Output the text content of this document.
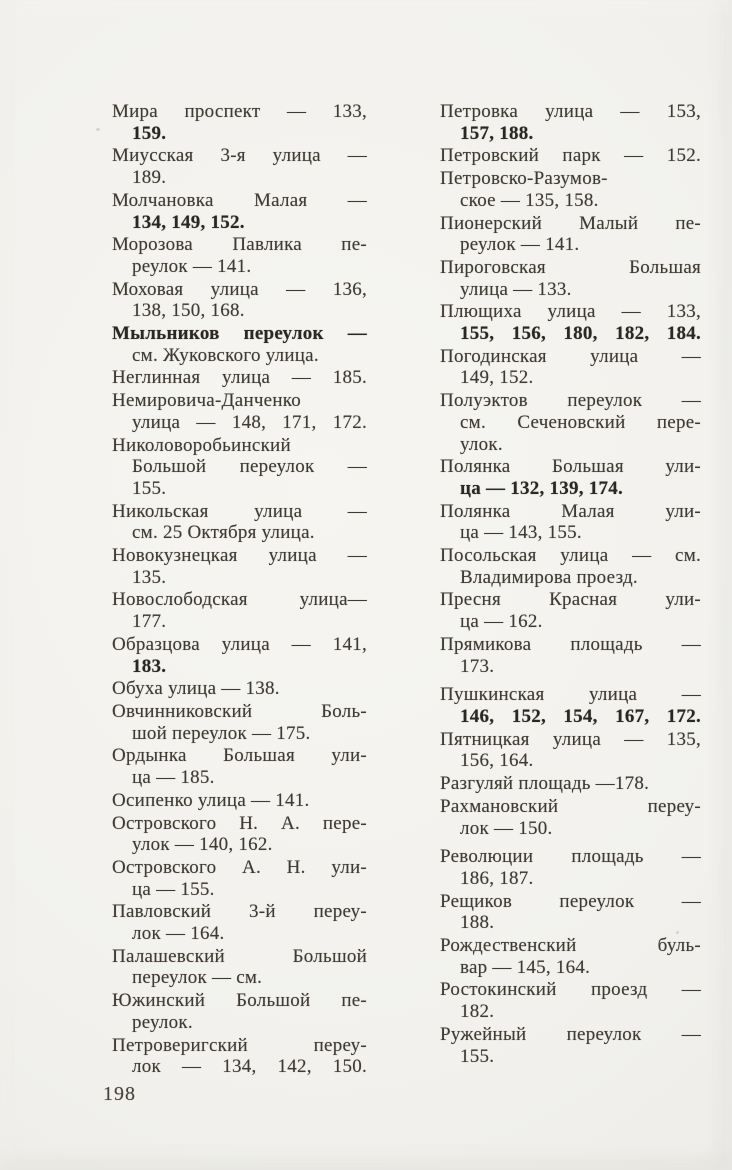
Мира проспект — 133,
159.
Миусская 3-я улица —
189.
Молчановка Малая —
134, 149, 152.
Морозова Павлика пе-
реулок — 141.
Моховая улица — 136,
138, 150, 168.
Мыльников переулок —
см. Жуковского улица.
Неглинная улица — 185.
Немировича-Данченко
улица — 148, 171, 172.
Николоворобьинский
Большой переулок —
155.
Никольская улица —
см. 25 Октября улица.
Новокузнецкая улица —
135.
Новослободская улица—
177.
Образцова улица — 141,
183.
Обуха улица — 138.
Овчинниковский Боль-
шой переулок — 175.
Ордынка Большая ули-
ца — 185.
Осипенко улица — 141.
Островского Н. А. пере-
улок — 140, 162.
Островского А. Н. ули-
ца — 155.
Павловский 3-й переу-
лок — 164.
Палашевский Большой
переулок — см.
Южинский Большой пе-
реулок.
Петроверигский переу-
лок — 134, 142, 150.
Петровка улица — 153,
157, 188.
Петровский парк — 152.
Петровско-Разумов-
ское — 135, 158.
Пионерский Малый пе-
реулок — 141.
Пироговская Большая
улица — 133.
Плющиха улица — 133,
155, 156, 180, 182, 184.
Погодинская улица —
149, 152.
Полуэктов переулок —
см. Сеченовский пере-
улок.
Полянка Большая ули-
ца — 132, 139, 174.
Полянка Малая ули-
ца — 143, 155.
Посольская улица — см.
Владимирова проезд.
Пресня Красная ули-
ца — 162.
Прямикова площадь —
173.
Пушкинская улица —
146, 152, 154, 167, 172.
Пятницкая улица — 135,
156, 164.
Разгуляй площадь —178.
Рахмановский переу-
лок — 150.
Революции площадь —
186, 187.
Рещиков переулок —
188.
Рождественский буль-
вар — 145, 164.
Ростокинский проезд —
182.
Ружейный переулок —
155.
198
